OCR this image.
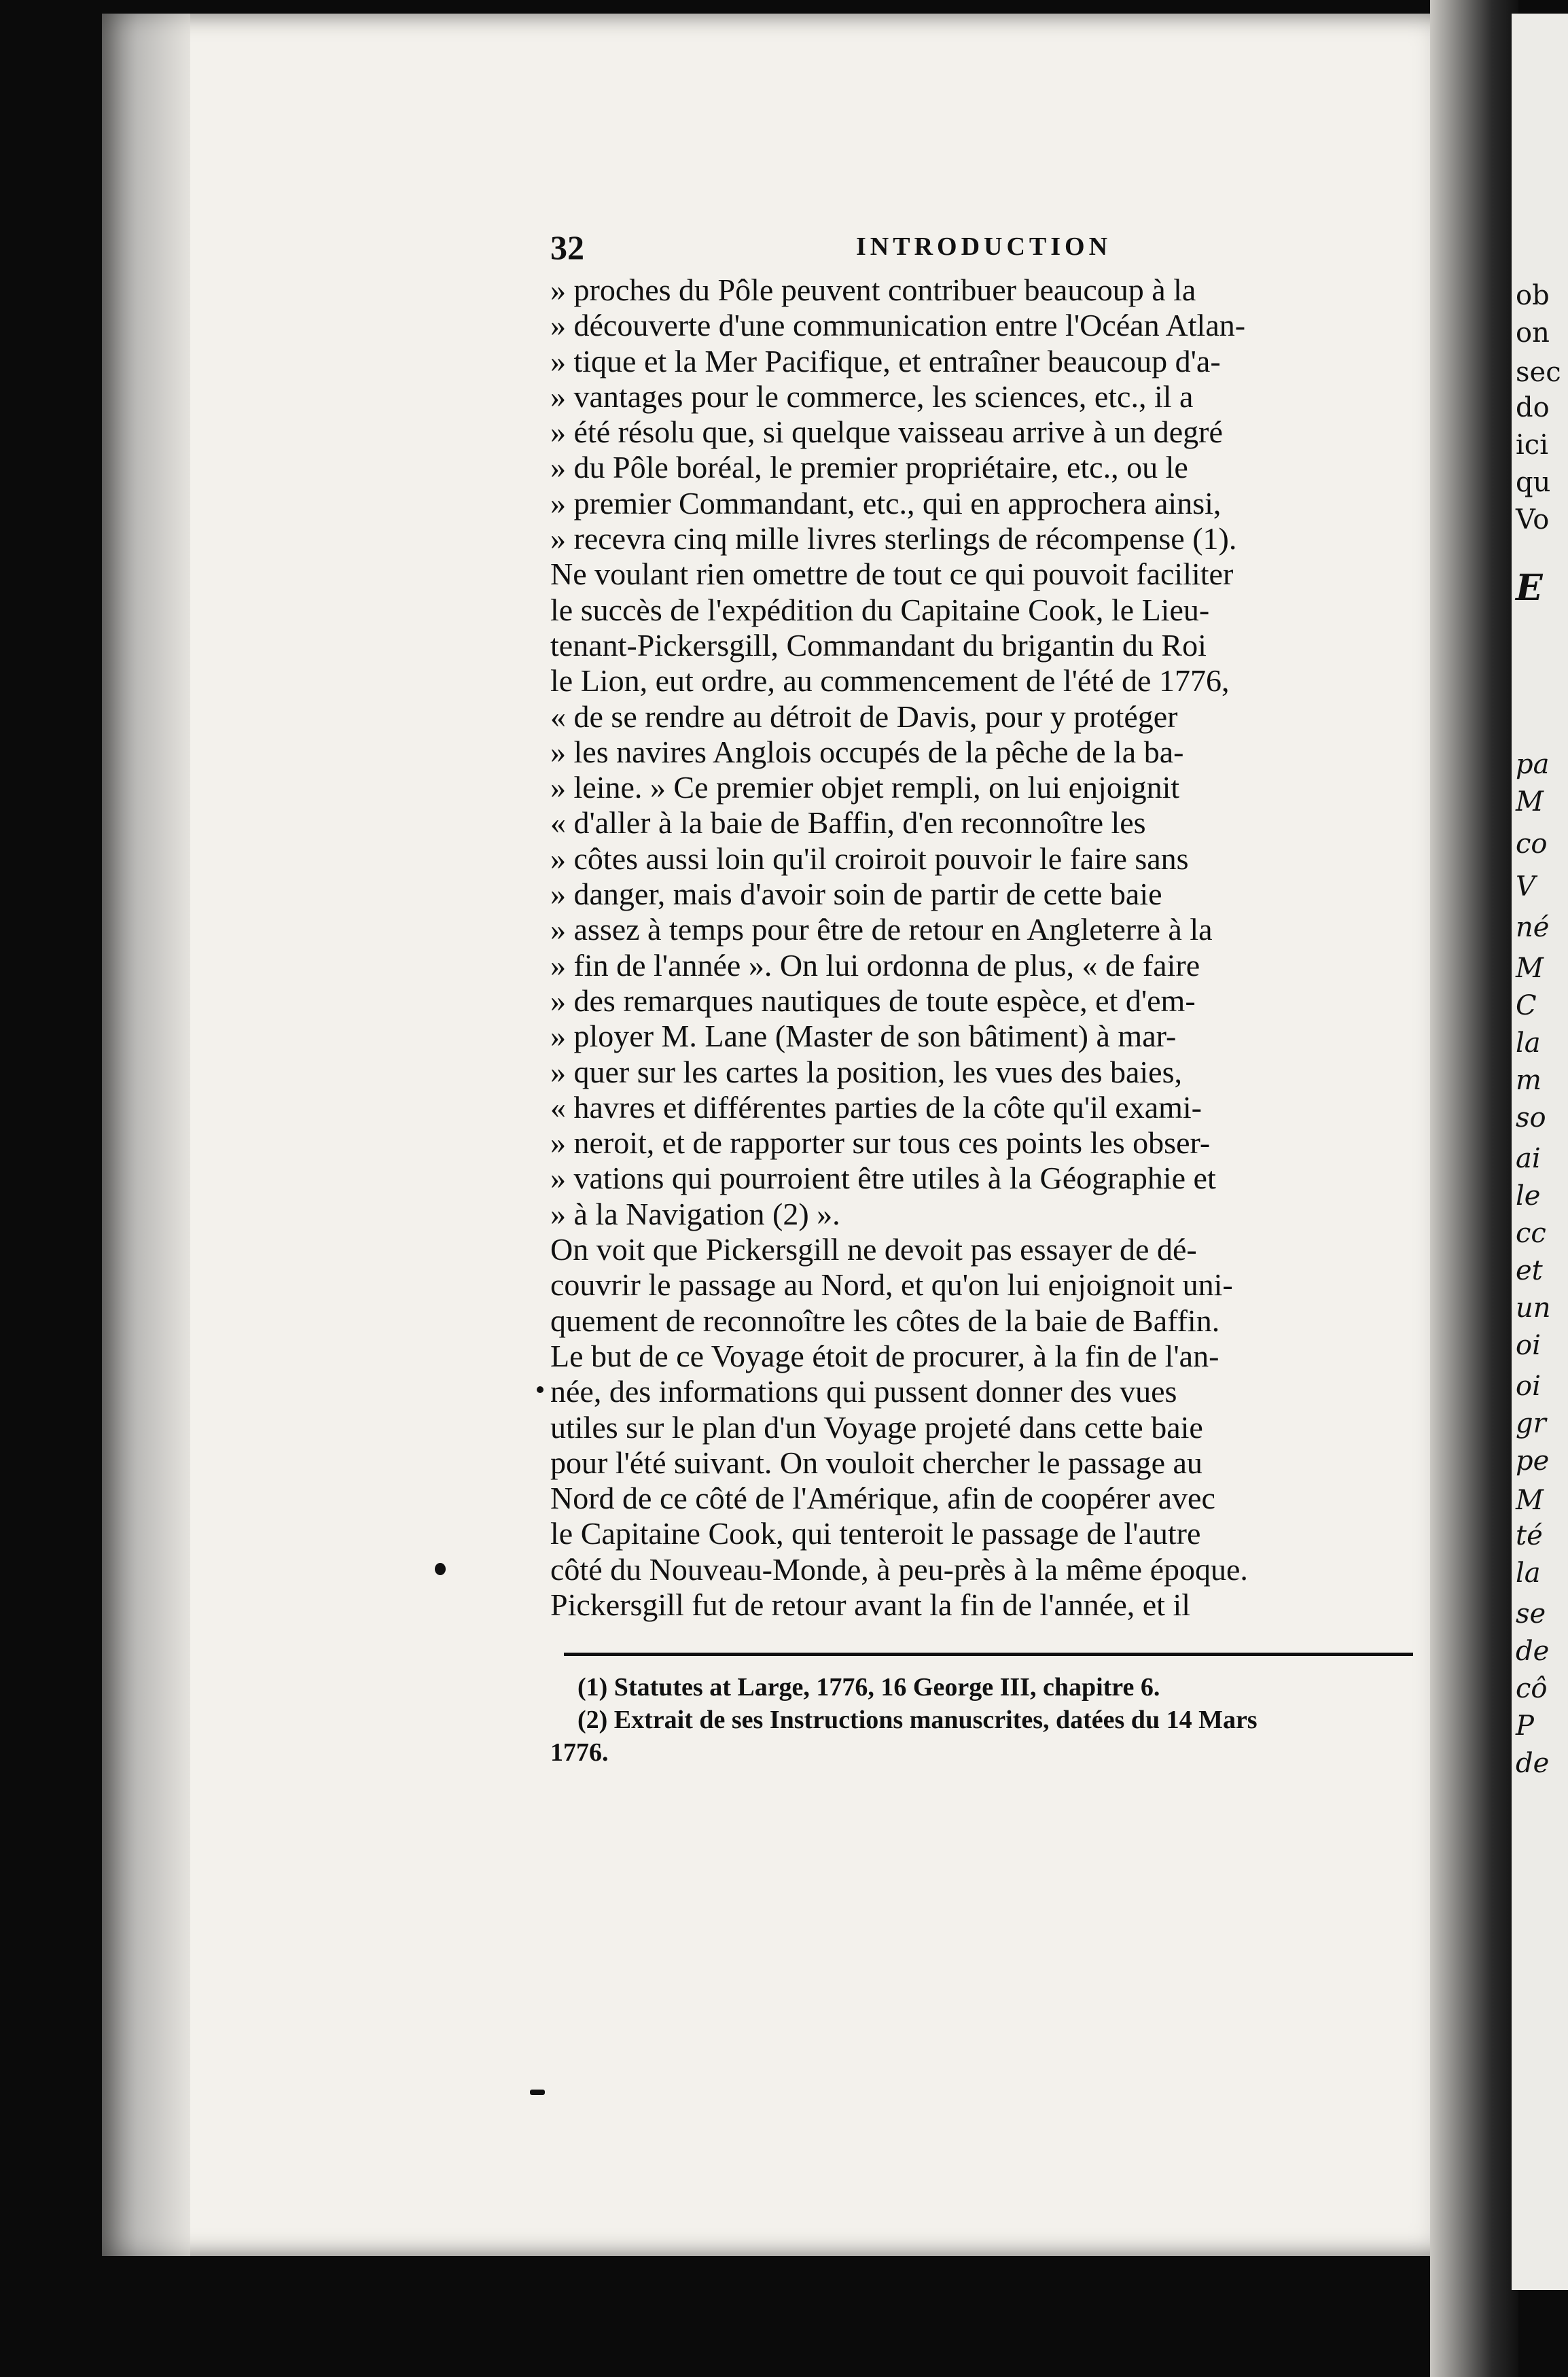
ob
on
sec
do
ici
qu
Vo
E
pa
M
co
V
né
M
C
la
m
so
ai
le
cc
et
un
oi
oi
gr
pe
M
té
la
se
de
cô
P
de
32	INTRODUCTION
» proches du Pôle peuvent contribuer beaucoup à la
» découverte d'une communication entre l'Océan Atlan-
» tique et la Mer Pacifique, et entraîner beaucoup d'a-
» vantages pour le commerce, les sciences, etc., il a
» été résolu que, si quelque vaisseau arrive à un degré
» du Pôle boréal, le premier propriétaire, etc., ou le
» premier Commandant, etc., qui en approchera ainsi,
» recevra cinq mille livres sterlings de récompense (1).
Ne voulant rien omettre de tout ce qui pouvoit faciliter
le succès de l'expédition du Capitaine Cook, le Lieu-
tenant-Pickersgill, Commandant du brigantin du Roi
le Lion, eut ordre, au commencement de l'été de 1776,
« de se rendre au détroit de Davis, pour y protéger
» les navires Anglois occupés de la pêche de la ba-
» leine. » Ce premier objet rempli, on lui enjoignit
« d'aller à la baie de Baffin, d'en reconnoître les
» côtes aussi loin qu'il croiroit pouvoir le faire sans
» danger, mais d'avoir soin de partir de cette baie
» assez à temps pour être de retour en Angleterre à la
» fin de l'année ». On lui ordonna de plus, « de faire
» des remarques nautiques de toute espèce, et d'em-
» ployer M. Lane (Master de son bâtiment) à mar-
» quer sur les cartes la position, les vues des baies,
« havres et différentes parties de la côte qu'il exami-
» neroit, et de rapporter sur tous ces points les obser-
» vations qui pourroient être utiles à la Géographie et
» à la Navigation (2) ».
On voit que Pickersgill ne devoit pas essayer de dé-
couvrir le passage au Nord, et qu'on lui enjoignoit uni-
quement de reconnoître les côtes de la baie de Baffin.
Le but de ce Voyage étoit de procurer, à la fin de l'an-
née, des informations qui pussent donner des vues
utiles sur le plan d'un Voyage projeté dans cette baie
pour l'été suivant. On vouloit chercher le passage au
Nord de ce côté de l'Amérique, afin de coopérer avec
le Capitaine Cook, qui tenteroit le passage de l'autre
côté du Nouveau-Monde, à peu-près à la même époque.
Pickersgill fut de retour avant la fin de l'année, et il
(1) Statutes at Large, 1776, 16 George III, chapitre 6.
(2) Extrait de ses Instructions manuscrites, datées du 14 Mars
1776.
